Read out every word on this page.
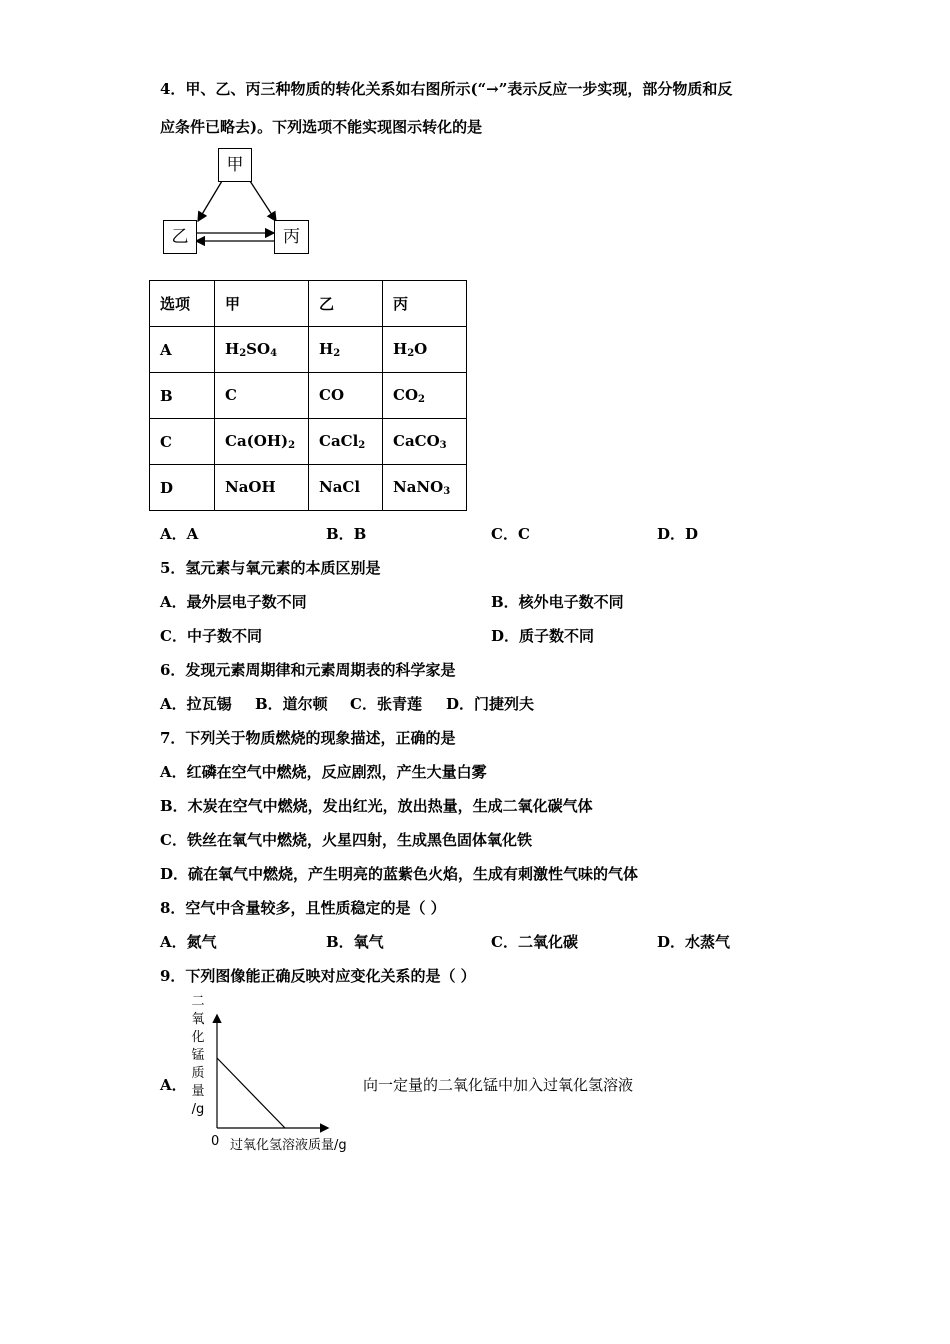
4．甲、乙、丙三种物质的转化关系如右图所示(“→”表示反应一步实现，部分物质和反
应条件已略去)。下列选项不能实现图示转化的是
甲
乙	丙
选项	甲	乙	丙
A	$H_2SO_4$	$H_2$	$H_2O$
B	C	CO	$CO_2$
C	$Ca(OH)_2$	CaCl$_2$	CaCO$_3$
D	NaOH	NaCl	NaNO$_3$
A．A	B．B	C．C	D．D
5．氢元素与氧元素的本质区别是
A．最外层电子数不同	B．核外电子数不同
C．中子数不同	D．质子数不同
6．发现元素周期律和元素周期表的科学家是
A．拉瓦锡 B．道尔顿 C．张青莲 D．门捷列夫
7．下列关于物质燃烧的现象描述，正确的是
A．红磷在空气中燃烧，反应剧烈，产生大量白雾
B．木炭在空气中燃烧，发出红光，放出热量，生成二氧化碳气体
C．铁丝在氧气中燃烧，火星四射，生成黑色固体氧化铁
D．硫在氧气中燃烧，产生明亮的蓝紫色火焰，生成有刺激性气味的气体
8．空气中含量较多，且性质稳定的是（ ）
A．氮气	B．氧气	C．二氧化碳	D．水蒸气
9．下列图像能正确反映对应变化关系的是（ ）
A．	向一定量的二氧化锰中加入过氧化氢溶液
二
氧
化
锰
质
量
/g
0 过氧化氢溶液质量/g
